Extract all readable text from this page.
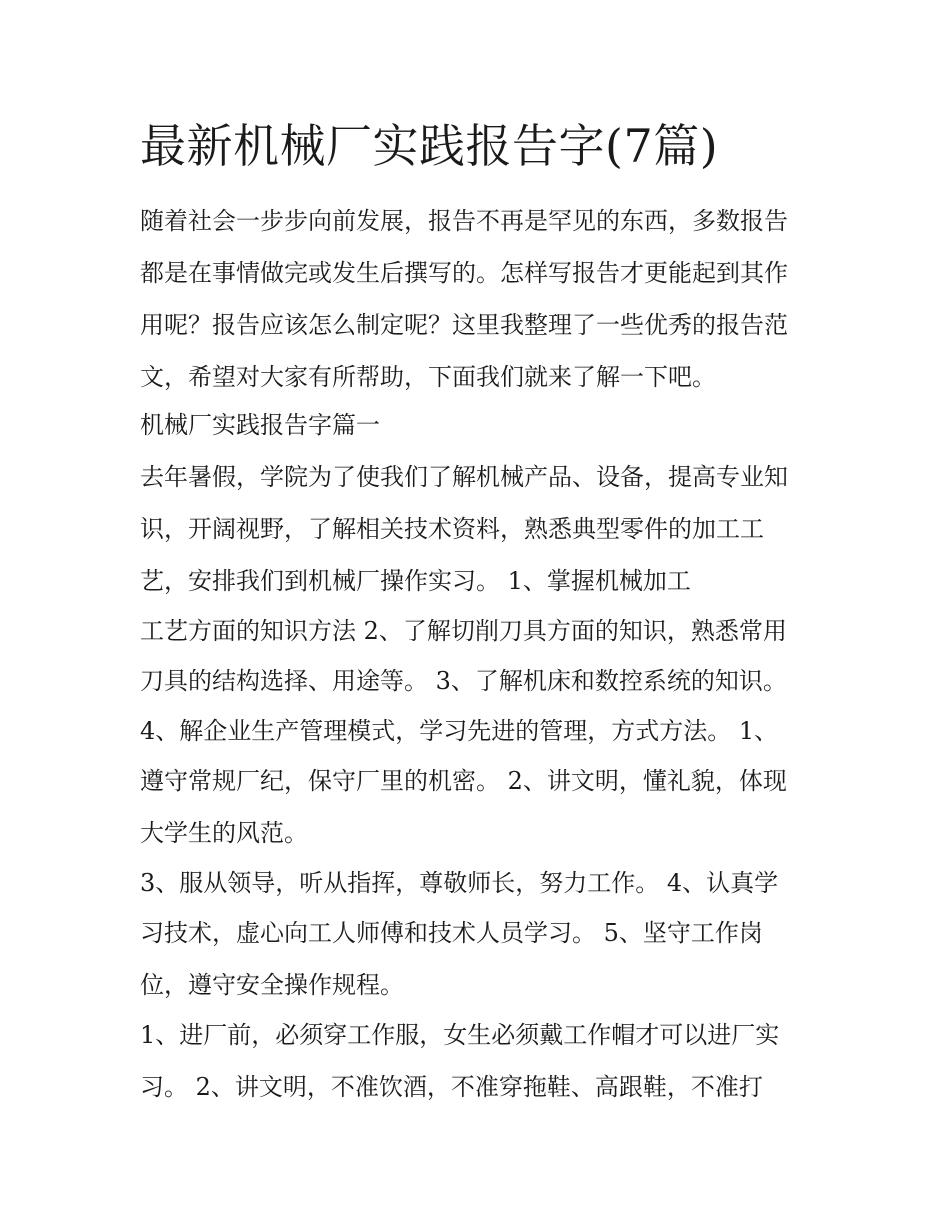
最新机械厂实践报告字(7篇)

随着社会一步步向前发展，报告不再是罕见的东西，多数报告

都是在事情做完或发生后撰写的。怎样写报告才更能起到其作

用呢？报告应该怎么制定呢？这里我整理了一些优秀的报告范

文，希望对大家有所帮助，下面我们就来了解一下吧。

机械厂实践报告字篇一

去年暑假，学院为了使我们了解机械产品、设备，提高专业知

识，开阔视野，了解相关技术资料，熟悉典型零件的加工工

艺，安排我们到机械厂操作实习。 1、掌握机械加工

工艺方面的知识方法 2、了解切削刀具方面的知识，熟悉常用

刀具的结构选择、用途等。 3、了解机床和数控系统的知识。

4、解企业生产管理模式，学习先进的管理，方式方法。 1、

遵守常规厂纪，保守厂里的机密。 2、讲文明，懂礼貌，体现

大学生的风范。

3、服从领导，听从指挥，尊敬师长，努力工作。 4、认真学

习技术，虚心向工人师傅和技术人员学习。 5、坚守工作岗

位，遵守安全操作规程。

1、进厂前，必须穿工作服，女生必须戴工作帽才可以进厂实

习。 2、讲文明，不准饮酒，不准穿拖鞋、高跟鞋，不准打
